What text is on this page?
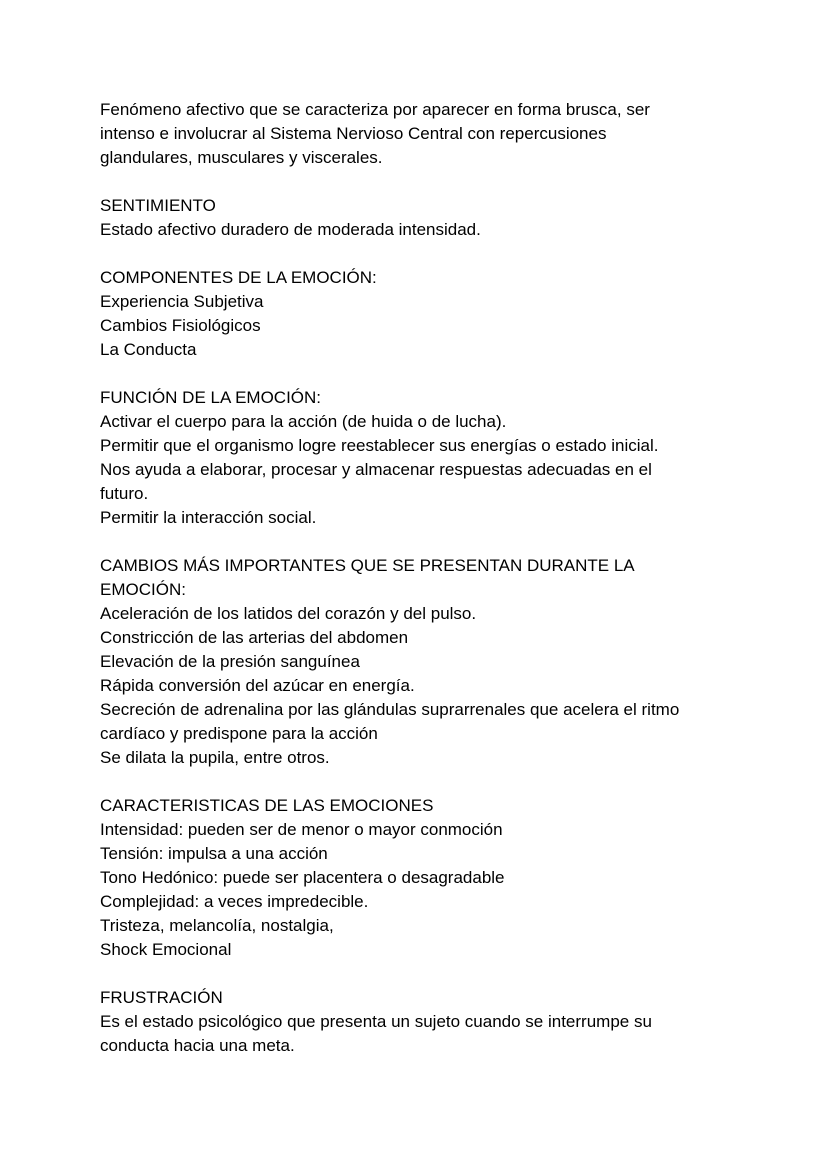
Fenómeno afectivo que se caracteriza por aparecer en forma brusca, ser
intenso e involucrar al Sistema Nervioso Central con repercusiones
glandulares, musculares y viscerales.
SENTIMIENTO
Estado afectivo duradero de moderada intensidad.
COMPONENTES DE LA EMOCIÓN:
Experiencia Subjetiva
Cambios Fisiológicos
La Conducta
FUNCIÓN DE LA EMOCIÓN:
Activar el cuerpo para la acción (de huida o de lucha).
Permitir que el organismo logre reestablecer sus energías o estado inicial.
Nos ayuda a elaborar, procesar y almacenar respuestas adecuadas en el
futuro.
Permitir la interacción social.
CAMBIOS MÁS IMPORTANTES QUE SE PRESENTAN DURANTE LA
EMOCIÓN:
Aceleración de los latidos del corazón y del pulso.
Constricción de las arterias del abdomen
Elevación de la presión sanguínea
Rápida conversión del azúcar en energía.
Secreción de adrenalina por las glándulas suprarrenales que acelera el ritmo
cardíaco y predispone para la acción
Se dilata la pupila, entre otros.
CARACTERISTICAS DE LAS EMOCIONES
Intensidad: pueden ser de menor o mayor conmoción
Tensión: impulsa a una acción
Tono Hedónico: puede ser placentera o desagradable
Complejidad: a veces impredecible.
Tristeza, melancolía, nostalgia,
Shock Emocional
FRUSTRACIÓN
Es el estado psicológico que presenta un sujeto cuando se interrumpe su
conducta hacia una meta.
